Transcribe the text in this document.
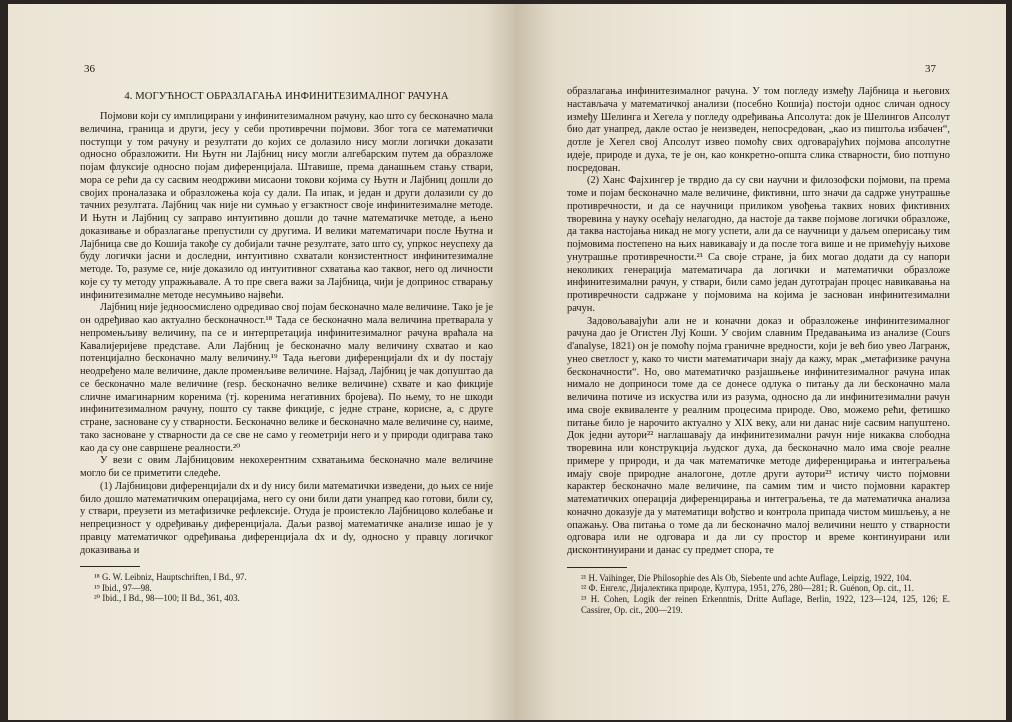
36
4. МОГУЋНОСТ ОБРАЗЛАГАЊА ИНФИНИТЕЗИМАЛНОГ РАЧУНА

Појмови који су имплицирани у инфинитезималном рачуну, као што су бесконачно мала величина, граница и други, јесу у себи противречни појмови. Због тога се математички поступци у том рачуну и резултати до којих се долазило нису могли логички доказати односно образложити. Ни Њутн ни Лајбниц нису могли алгебарским путем да образложе појам флуксије односно појам диференцијала. Штавише, према данашњем стању ствари, мора се рећи да су сасвим неодрживи мисаони токови којима су Њутн и Лајбниц дошли до својих проналазака и образложења која су дали. Па ипак, и један и други долазили су до тачних резултата. Лајбниц чак није ни сумњао у егзактност своје инфинитезималне методе. И Њутн и Лајбниц су заправо интуитивно дошли до тачне математичке методе, а њено доказивање и образлагање препустили су другима. И велики математичари после Њутна и Лајбница све до Кошија такође су добијали тачне резултате, зато што су, упркос неуспеху да буду логички јасни и доследни, интуитивно схватали конзистентност инфинитезималне методе. То, разуме се, није доказило од интуитивног схватања као таквог, него од личности које су ту методу упражњавале. А то пре свега важи за Лајбница, чији је допринос стварању инфинитезималне методе несумњиво највећи.

Лајбниц није једноосмислено одредивао свој појам бесконачно мале величине. Тако је је он одређивао као актуално бесконачност.¹⁸ Тада се бесконачно мала величина претварала у непромењљиву величину, па се и интерпретација инфинитезималног рачуна враћала на Кавалијеријеве представе. Али Лајбниц је бесконачно малу величину схватао и као потенцијално бесконачно малу величину.¹⁹ Тада његови диференцијали dx и dy постају неодређено мале величине, дакле променљиве величине. Најзад, Лајбниц је чак допуштао да се бесконачно мале величине (resp. бесконачно велике величине) схвате и као фикције сличне имагинарним коренима (тј. коренима негативних бројева). По њему, то не шкоди инфинитезималном рачуну, пошто су такве фикције, с једне стране, корисне, а, с друге стране, засноване су у стварности. Бесконачно велике и бесконачно мале величине су, наиме, тако засноване у стварности да се све не само у геометрији него и у природи одиграва тако као да су оне савршене реалности.²⁰

У вези с овим Лајбницовим некохерентним схватањима бесконачно мале величине могло би се приметити следеће.

(1) Лајбницови диференцијали dx и dy нису били математички изведени, до њих се није било дошло математичким операцијама, него су они били дати унапред као готови, били су, у ствари, преузети из метафизичке рефлексије. Отуда је проистекло Лајбницово колебање и непрецизност у одређивању диференцијала. Даљи развој математичке анализе ишао је у правцу математичког одређивања диференцијала dx и dy, односно у правцу логичког доказивања и

¹⁸ G. W. Leibniz, Hauptschriften, I Bd., 97.

¹⁹ Ibid., 97—98.

²⁰ Ibid., I Bd., 98—100; II Bd., 361, 403.

37

образлагања инфинитезималног рачуна. У том погледу између Лајбница и његових настављача у математичкој анализи (посебно Кошија) постоји однос сличан односу између Шелинга и Хегела у погледу одређивања Апсолута: док је Шелингов Апсолут био дат унапред, дакле остао је неизведен, непосредован, „као из пиштоља избачен“, дотле је Хегел свој Апсолут извео помоћу свих одговарајућих појмова апсолутне идеје, природе и духа, те је он, као конкретно-општа слика стварности, био потпуно посредован.

(2) Ханс Фајхингер је тврдио да су сви научни и филозофски појмови, па према томе и појам бесконачно мале величине, фиктивни, што значи да садрже унутрашње противречности, и да се научници приликом увођења таквих нових фиктивних творевина у науку осећају нелагодно, да настоје да такве појмове логички образложе, да таква настојања никад не могу успети, али да се научници у даљем оперисању тим појмовима постепено на њих навикавају и да после тога више и не примећују њихове унутрашње противречности.²¹ Са своје стране, ја бих могао додати да су напори неколиких генерација математичара да логички и математички образложе инфинитезимални рачун, у ствари, били само један дуготрајан процес навикавања на противречности садржане у појмовима на којима је заснован инфинитезимални рачун.

Задовољавајући али не и коначни доказ и образложење инфинитезималног рачуна дао је Огистен Луј Коши. У своjим славним Предавањима из анализе (Cours d'analyse, 1821) он је помоћу појма граничне вредности, који је већ био увео Лагранж, унео светлост у, како то чисти математичари знају да кажу, мрак „метафизике рачуна бесконачности“. Но, ово математичко разјашњење инфинитезималног рачуна ипак нимало не доприноси томе да се донесе одлука о питању да ли бесконачно мала величина потиче из искуства или из разума, односно да ли инфинитезимални рачун има своје еквиваленте у реалним процесима природе. Ово, можемо рећи, фетишко питање било је нарочито актуално у XIX веку, али ни данас није сасвим напуштено. Док једни аутори²² наглашавају да инфинитезимални рачун није никаква слободна творевина или конструкција људског духа, да бесконачно мало има своје реалне примере у природи, и да чак математичке методе диференцирања и интеграљења имају своје природне аналогоне, дотле други аутори²³ истичу чисто појмовни карактер бесконачно мале величине, па самим тим и чисто појмовни карактер математичких операција диференцирања и интеграљења, те да математичка анализа коначно доказује да у математици вођство и контрола припада чистом мишљењу, а не опажању. Ова питања о томе да ли бесконачно малој величини нешто у стварности одговара или не одговара и да ли су простор и време континуирани или дисконтинуирани и данас су предмет спора, те

²¹ H. Vaihinger, Die Philosophie des Als Ob, Siebente und achte Auflage, Leipzig, 1922, 104.

²² Ф. Енгелс, Дијалектика природе, Култура, 1951, 276, 280—281; R. Guénon, Op. cit., 11.

²³ H. Cohen, Logik der reinen Erkenntnis, Dritte Auflage, Berlin, 1922, 123—124, 125, 126; E. Cassirer, Op. cit., 200—219.
